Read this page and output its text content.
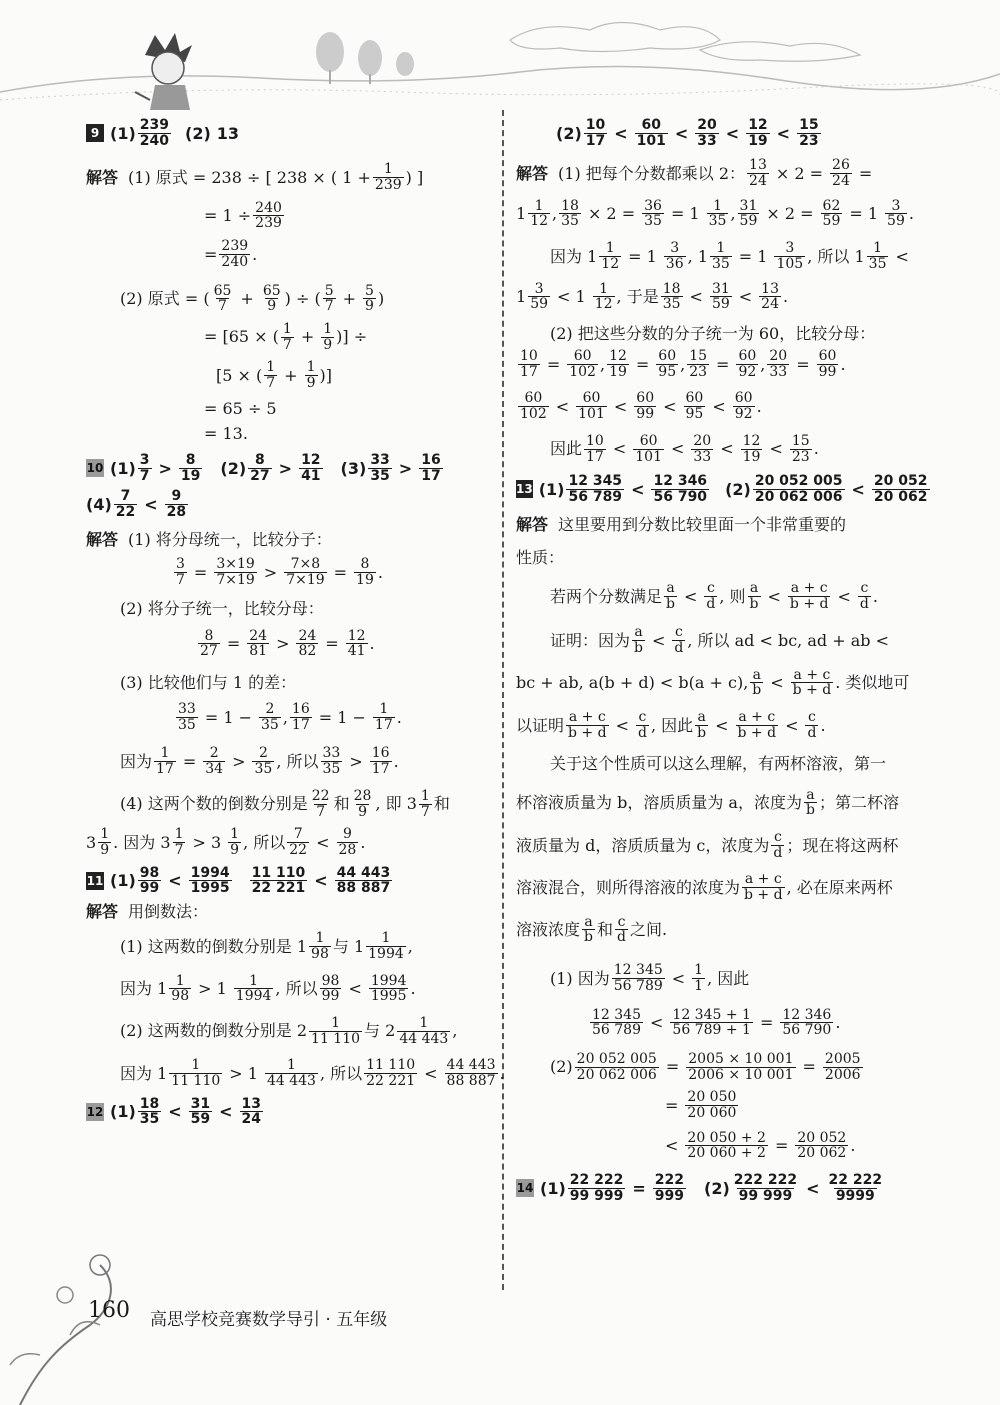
9 $(1) \frac{239}{240} (2)$ 13
解答 (1) 原式 = 238 ÷ [ 238 × ( $1 + \frac{1}{239}$ ) ]
= $1 \div \frac{240}{239}$
= $\frac{239}{240}$ .
(2) 原式 = ( $\frac{65}{7} + \frac{65}{9}$ ) ÷ ( $\frac{5}{7} + \frac{5}{9}$ )
= [65 × ( $\frac{1}{7} + \frac{1}{9}$ )] ÷
[5 × ( $\frac{1}{7} + \frac{1}{9}$ )]
= 65 ÷ 5
= 13.
10 $(1) \frac{3}{7} > \frac{8}{19} (2) \frac{8}{27} > \frac{12}{41} (3) \frac{33}{35} > \frac{16}{17}$
$(4) \frac{7}{22} < \frac{9}{28}$
解答 (1) 将分母统一，比较分子：
$\frac{3}{7} = \frac{3\times 19}{7\times 19} > \frac{7\times 8}{7\times 19} = \frac{8}{19}$ .
(2) 将分子统一，比较分母：
$\frac{8}{27} = \frac{24}{81} > \frac{24}{82} = \frac{12}{41}$ .
(3) 比较他们与 1 的差：
$\frac{33}{35} = 1 - \frac{2}{35}$ , $\frac{16}{17} = 1 - \frac{1}{17}$ .
因为 $\frac{1}{17} = \frac{2}{34} > \frac{2}{35}$ , 所以 $\frac{33}{35} > \frac{16}{17}$ .
(4) 这两个数的倒数分别是 $\frac{22}{7}$ 和 $\frac{28}{9}$ , 即 $3 \frac{1}{7}$ 和
$3 \frac{1}{9}$ . 因为 $3 \frac{1}{7} > 3 \frac{1}{9}$ , 所以 $\frac{7}{22} < \frac{9}{28}$ .
11 $(1) \frac{98}{99} < \frac{1994}{1995} \frac{11 110}{22 221} < \frac{44 443}{88 887}$
解答 用倒数法：
(1) 这两数的倒数分别是 $1 \frac{1}{98}$ 与 $1 \frac{1}{1994}$ ,
因为 $1 \frac{1}{98} > 1 \frac{1}{1994}$ , 所以 $\frac{98}{99} < \frac{1994}{1995}$ .
(2) 这两数的倒数分别是 $2 \frac{1}{11 110}$ 与 $2 \frac{1}{44 443}$ ,
因为 $1 \frac{1}{11 110} > 1 \frac{1}{44 443}$ , 所以 $\frac{11 110}{22 221} < \frac{44 443}{88 887}$ .
12 $(1) \frac{18}{35} < \frac{31}{59} < \frac{13}{24}$
$(2) \frac{10}{17} < \frac{60}{101} < \frac{20}{33} < \frac{12}{19} < \frac{15}{23}$
解答 (1) 把每个分数都乘以 2： $\frac{13}{24} \times 2 = \frac{26}{24}$ =
$1 \frac{1}{12}$ , $\frac{18}{35} \times 2 = \frac{36}{35} = 1 \frac{1}{35}$ , $\frac{31}{59} \times 2 = \frac{62}{59} = 1 \frac{3}{59}$ .
因为 $1 \frac{1}{12} = 1 \frac{3}{36}$ , $1 \frac{1}{35} = 1 \frac{3}{105}$ , 所以 $1 \frac{1}{35}$ <
$1 \frac{3}{59} < 1 \frac{1}{12}$ , 于是 $\frac{18}{35} < \frac{31}{59} < \frac{13}{24}$ .
(2) 把这些分数的分子统一为 60，比较分母：
$\frac{10}{17} = \frac{60}{102}$ , $\frac{12}{19} = \frac{60}{95}$ , $\frac{15}{23} = \frac{60}{92}$ , $\frac{20}{33} = \frac{60}{99}$ .
$\frac{60}{102} < \frac{60}{101} < \frac{60}{99} < \frac{60}{95} < \frac{60}{92}$ .
因此 $\frac{10}{17} < \frac{60}{101} < \frac{20}{33} < \frac{12}{19} < \frac{15}{23}$ .
13 $(1) \frac{12 345}{56 789} < \frac{12 346}{56 790} (2) \frac{20 052 005}{20 062 006} < \frac{20 052}{20 062}$
解答 这里要用到分数比较里面一个非常重要的
性质：
若两个分数满足 $\frac{a}{b} < \frac{c}{d}$ , 则 $\frac{a}{b} < \frac{a + c}{b + d} < \frac{c}{d}$ .
证明：因为 $\frac{a}{b} < \frac{c}{d}$ , 所以 ad < bc, ad + ab <
bc + ab, a(b + d) < b(a + c), $\frac{a}{b} < \frac{a + c}{b + d}$ . 类似地可
以证明 $\frac{a + c}{b + d} < \frac{c}{d}$ , 因此 $\frac{a}{b} < \frac{a + c}{b + d} < \frac{c}{d}$ .
关于这个性质可以这么理解，有两杯溶液，第一
杯溶液质量为 b，溶质质量为 a，浓度为 $\frac{a}{b}$ ；第二杯溶
液质量为 d，溶质质量为 c，浓度为 $\frac{c}{d}$ ；现在将这两杯
溶液混合，则所得溶液的浓度为 $\frac{a + c}{b + d}$ , 必在原来两杯
溶液浓度 $\frac{a}{b}$ 和 $\frac{c}{d}$ 之间.
(1) 因为 $\frac{12 345}{56 789} < \frac{1}{1}$ , 因此
$\frac{12 345}{56 789} < \frac{12 345 + 1}{56 789 + 1} = \frac{12 346}{56 790}$ .
$(2) \frac{20 052 005}{20 062 006} = \frac{2005 \times 10 001}{2006 \times 10 001} = \frac{2005}{2006}$
= $\frac{20 050}{20 060}$
< $\frac{20 050 + 2}{20 060 + 2} = \frac{20 052}{20 062}$ .
14 $(1) \frac{22 222}{99 999} = \frac{222}{999} (2) \frac{222 222}{99 999} < \frac{22 222}{9999}$
160 高思学校竞赛数学导引 · 五年级
